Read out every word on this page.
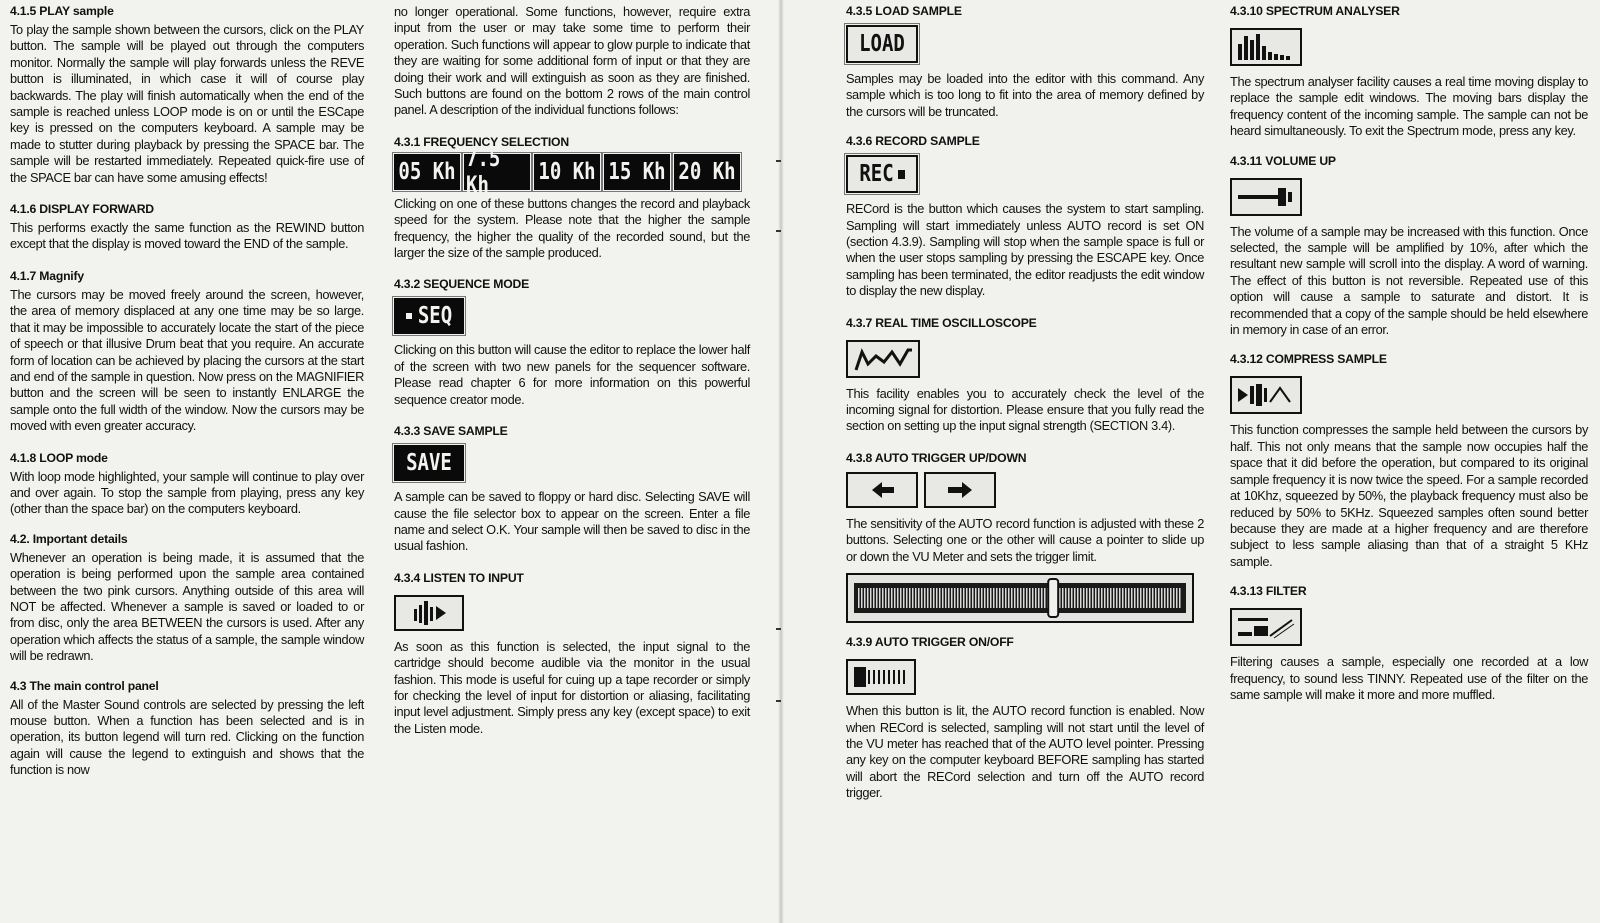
4.1.5 PLAY sample

To play the sample shown between the cursors, click on the PLAY button. The sample will be played out through the computers monitor. Normally the sample will play forwards unless the REVE button is illuminated, in which case it will of course play backwards. The play will finish automatically when the end of the sample is reached unless LOOP mode is on or until the ESCape key is pressed on the computers keyboard. A sample may be made to stutter during playback by pressing the SPACE bar. The sample will be restarted immediately. Repeated quick-fire use of the SPACE bar can have some amusing effects!

4.1.6 DISPLAY FORWARD

This performs exactly the same function as the REWIND button except that the display is moved toward the END of the sample.

4.1.7 Magnify

The cursors may be moved freely around the screen, however, the area of memory displaced at any one time may be so large. that it may be impossible to accurately locate the start of the piece of speech or that illusive Drum beat that you require. An accurate form of location can be achieved by placing the cursors at the start and end of the sample in question. Now press on the MAGNIFIER button and the screen will be seen to instantly ENLARGE the sample onto the full width of the window. Now the cursors may be moved with even greater accuracy.

4.1.8 LOOP mode

With loop mode highlighted, your sample will continue to play over and over again. To stop the sample from playing, press any key (other than the space bar) on the computers keyboard.

4.2. Important details

Whenever an operation is being made, it is assumed that the operation is being performed upon the sample area contained between the two pink cursors. Anything outside of this area will NOT be affected. Whenever a sample is saved or loaded to or from disc, only the area BETWEEN the cursors is used. After any operation which affects the status of a sample, the sample window will be redrawn.

4.3 The main control panel

All of the Master Sound controls are selected by pressing the left mouse button. When a function has been selected and is in operation, its button legend will turn red. Clicking on the function again will cause the legend to extinguish and shows that the function is now

no longer operational. Some functions, however, require extra input from the user or may take some time to perform their operation. Such functions will appear to glow purple to indicate that they are waiting for some additional form of input or that they are doing their work and will extinguish as soon as they are finished. Such buttons are found on the bottom 2 rows of the main control panel. A description of the individual functions follows:

4.3.1 FREQUENCY SELECTION
05 Kh 7.5 Kh	10 Kh 15 Kh 20 Kh

Clicking on one of these buttons changes the record and playback speed for the system. Please note that the higher the sample frequency, the higher the quality of the recorded sound, but the larger the size of the sample produced.

4.3.2 SEQUENCE MODE
SEQ

Clicking on this button will cause the editor to replace the lower half of the screen with two new panels for the sequencer software. Please read chapter 6 for more information on this powerful sequence creator mode.

4.3.3 SAVE SAMPLE
SAVE

A sample can be saved to floppy or hard disc. Selecting SAVE will cause the file selector box to appear on the screen. Enter a file name and select O.K. Your sample will then be saved to disc in the usual fashion.

4.3.4 LISTEN TO INPUT

As soon as this function is selected, the input signal to the cartridge should become audible via the monitor in the usual fashion. This mode is useful for cuing up a tape recorder or simply for checking the level of input for distortion or aliasing, facilitating input level adjustment. Simply press any key (except space) to exit the Listen mode.

4.3.5 LOAD SAMPLE
LOAD

Samples may be loaded into the editor with this command. Any sample which is too long to fit into the area of memory defined by the cursors will be truncated.

4.3.6 RECORD SAMPLE
REC

RECord is the button which causes the system to start sampling. Sampling will start immediately unless AUTO record is set ON (section 4.3.9). Sampling will stop when the sample space is full or when the user stops sampling by pressing the ESCAPE key. Once sampling has been terminated, the editor readjusts the edit window to display the new display.

4.3.7 REAL TIME OSCILLOSCOPE

This facility enables you to accurately check the level of the incoming signal for distortion. Please ensure that you fully read the section on setting up the input signal strength (SECTION 3.4).

4.3.8 AUTO TRIGGER UP/DOWN

The sensitivity of the AUTO record function is adjusted with these 2 buttons. Selecting one or the other will cause a pointer to slide up or down the VU Meter and sets the trigger limit.

4.3.9 AUTO TRIGGER ON/OFF

When this button is lit, the AUTO record function is enabled. Now when RECord is selected, sampling will not start until the level of the VU meter has reached that of the AUTO level pointer. Pressing any key on the computer keyboard BEFORE sampling has started will abort the RECord selection and turn off the AUTO record trigger.

4.3.10 SPECTRUM ANALYSER

The spectrum analyser facility causes a real time moving display to replace the sample edit windows. The moving bars display the frequency content of the incoming sample. The sample can not be heard simultaneously. To exit the Spectrum mode, press any key.

4.3.11 VOLUME UP

The volume of a sample may be increased with this function. Once selected, the sample will be amplified by 10%, after which the resultant new sample will scroll into the display. A word of warning. The effect of this button is not reversible. Repeated use of this option will cause a sample to saturate and distort. It is recommended that a copy of the sample should be held elsewhere in memory in case of an error.

4.3.12 COMPRESS SAMPLE

This function compresses the sample held between the cursors by half. This not only means that the sample now occupies half the space that it did before the operation, but compared to its original sample frequency it is now twice the speed. For a sample recorded at 10Khz, squeezed by 50%, the playback frequency must also be reduced by 50% to 5KHz. Squeezed samples often sound better because they are made at a higher frequency and are therefore subject to less sample aliasing than that of a straight 5 KHz sample.

4.3.13 FILTER

Filtering causes a sample, especially one recorded at a low frequency, to sound less TINNY. Repeated use of the filter on the same sample will make it more and more muffled.
